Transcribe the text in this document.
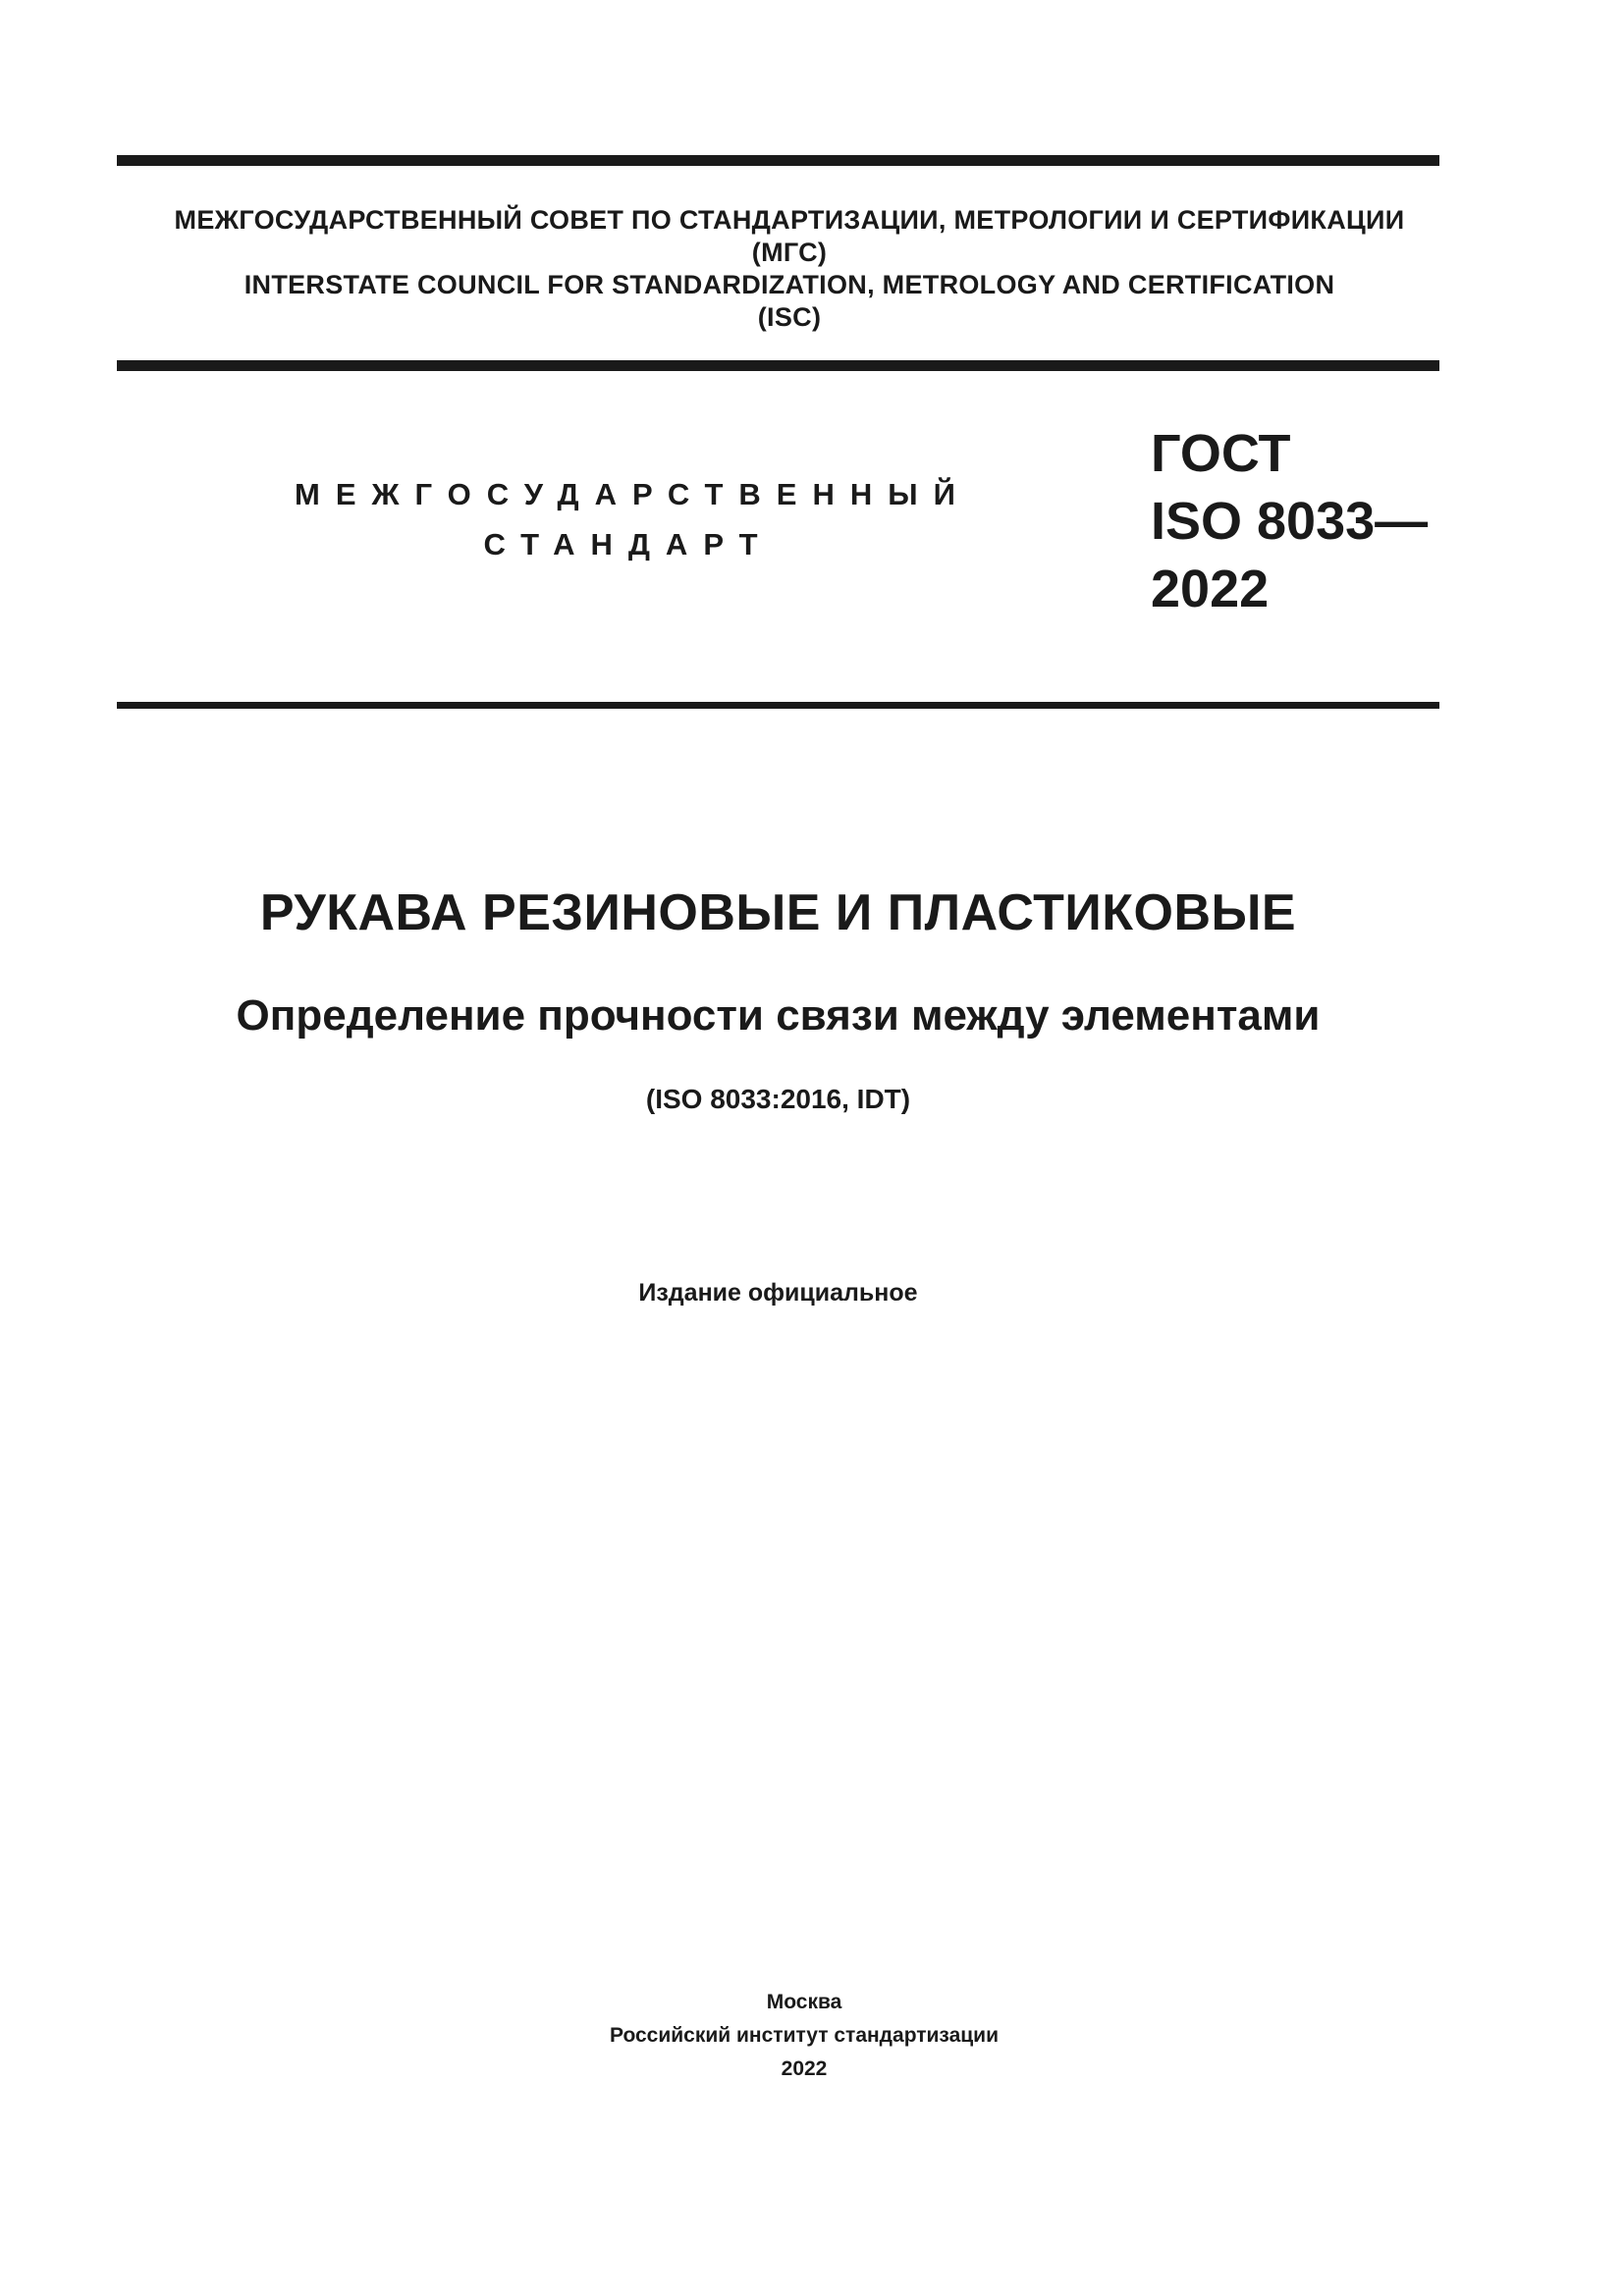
МЕЖГОСУДАРСТВЕННЫЙ СОВЕТ ПО СТАНДАРТИЗАЦИИ, МЕТРОЛОГИИ И СЕРТИФИКАЦИИ
(МГС)
INTERSTATE COUNCIL FOR STANDARDIZATION, METROLOGY AND CERTIFICATION
(ISC)
МЕЖГОСУДАРСТВЕННЫЙ
СТАНДАРТ
ГОСТ
ISO 8033—
2022
РУКАВА РЕЗИНОВЫЕ И ПЛАСТИКОВЫЕ
Определение прочности связи между элементами
(ISO 8033:2016, IDT)
Издание официальное
Москва
Российский институт стандартизации
2022
